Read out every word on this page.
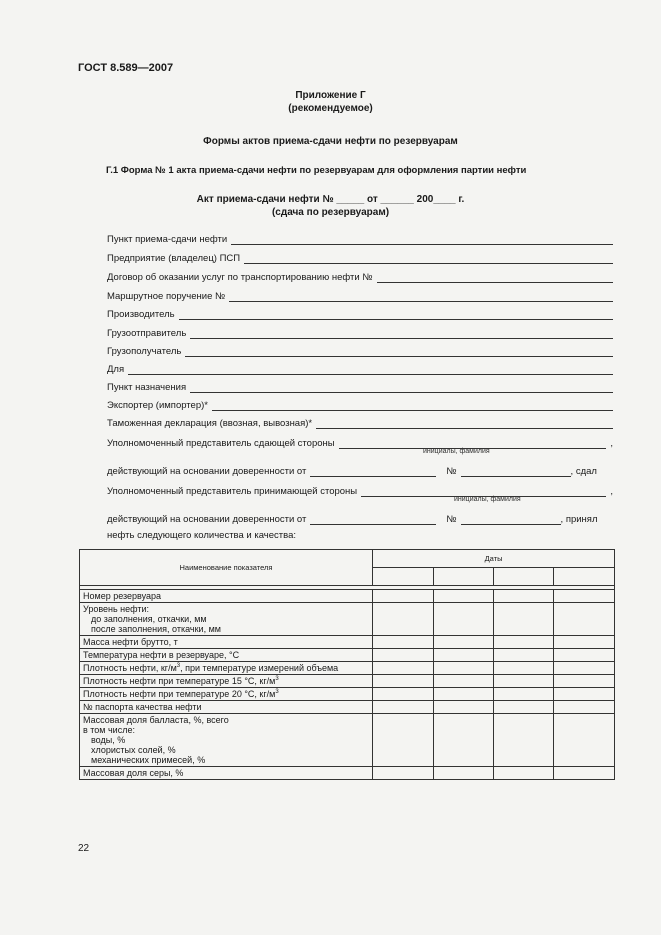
ГОСТ 8.589—2007
Приложение Г
(рекомендуемое)
Формы актов приема-сдачи нефти по резервуарам
Г.1 Форма № 1 акта приема-сдачи нефти по резервуарам для оформления партии нефти
Акт приема-сдачи нефти № _____ от ______ 200____ г.
(сдача по резервуарам)
Пункт приема-сдачи нефти
Предприятие (владелец) ПСП
Договор об оказании услуг по транспортированию нефти №
Маршрутное поручение №
Производитель
Грузоотправитель
Грузополучатель
Для
Пункт назначения
Экспортер (импортер)*
Таможенная декларация (ввозная, вывозная)*
Уполномоченный представитель сдающей стороны	,
инициалы, фамилия
действующий на основании доверенности от	№	, сдал
Уполномоченный представитель принимающей стороны	,
инициалы, фамилия
действующий на основании доверенности от	№	, принял
нефть следующего количества и качества:
Наименование показателя	Даты			

Номер резервуара				

Уровень нефти:
до заполнения, откачки, мм
после заполнения, откачки, мм				

Масса нефти брутто, т				
Температура нефти в резервуаре, °С				
Плотность нефти, $кг/м^3$, при температуре измерений объема				
Плотность нефти при температуре 15 °С, $кг/м^3$				
Плотность нефти при температуре 20 °С, $кг/м^3$				
№ паспорта качества нефти				

Массовая доля балласта, %, всего
в том числе:
воды, %
хлористых солей, %
механических примесей, %				

Массовая доля серы, %				
22
